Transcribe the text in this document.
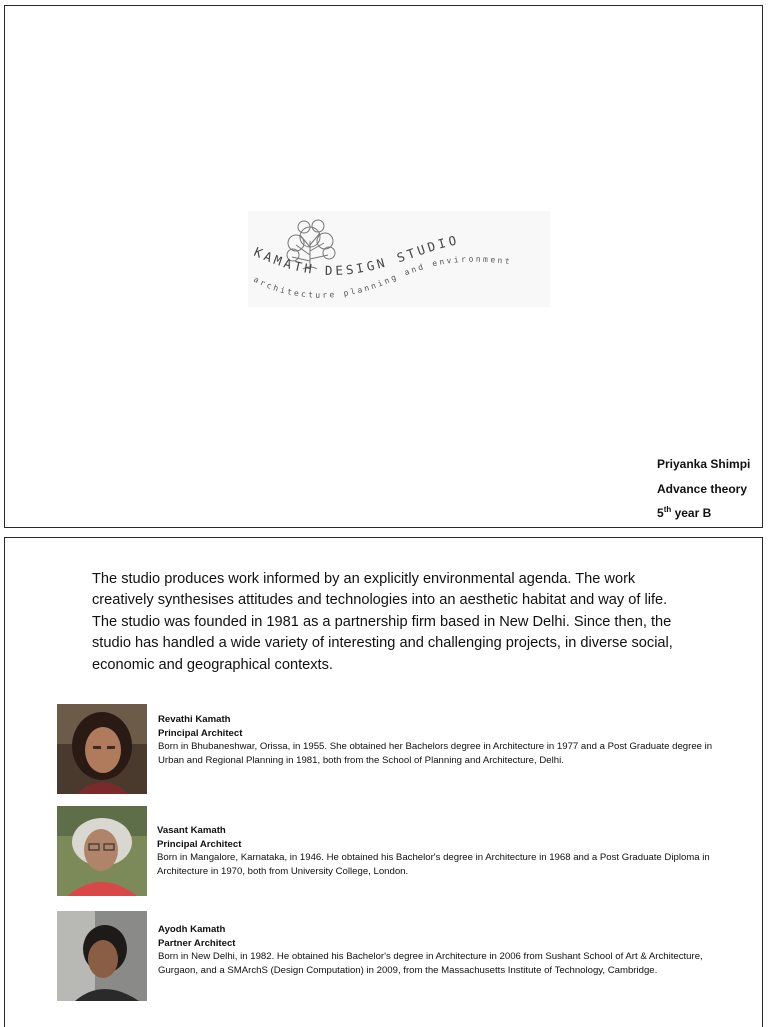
KAMATH DESIGN STUDIO
architecture planning and environment
Priyanka Shimpi
Advance theory
5th year B

The studio produces work informed by an explicitly environmental agenda. The work creatively synthesises attitudes and technologies into an aesthetic habitat and way of life. The studio was founded in 1981 as a partnership firm based in New Delhi. Since then, the studio has handled a wide variety of interesting and challenging projects, in diverse social, economic and geographical contexts.

Revathi Kamath
Principal Architect

Born in Bhubaneshwar, Orissa, in 1955. She obtained her Bachelors degree in Architecture in 1977 and a Post Graduate degree in Urban and Regional Planning in 1981, both from the School of Planning and Architecture, Delhi.

Vasant Kamath
Principal Architect

Born in Mangalore, Karnataka, in 1946. He obtained his Bachelor's degree in Architecture in 1968 and a Post Graduate Diploma in Architecture in 1970, both from University College, London.

Ayodh Kamath
Partner Architect

Born in New Delhi, in 1982. He obtained his Bachelor's degree in Architecture in 2006 from Sushant School of Art & Architecture, Gurgaon, and a SMArchS (Design Computation) in 2009, from the Massachusetts Institute of Technology, Cambridge.
